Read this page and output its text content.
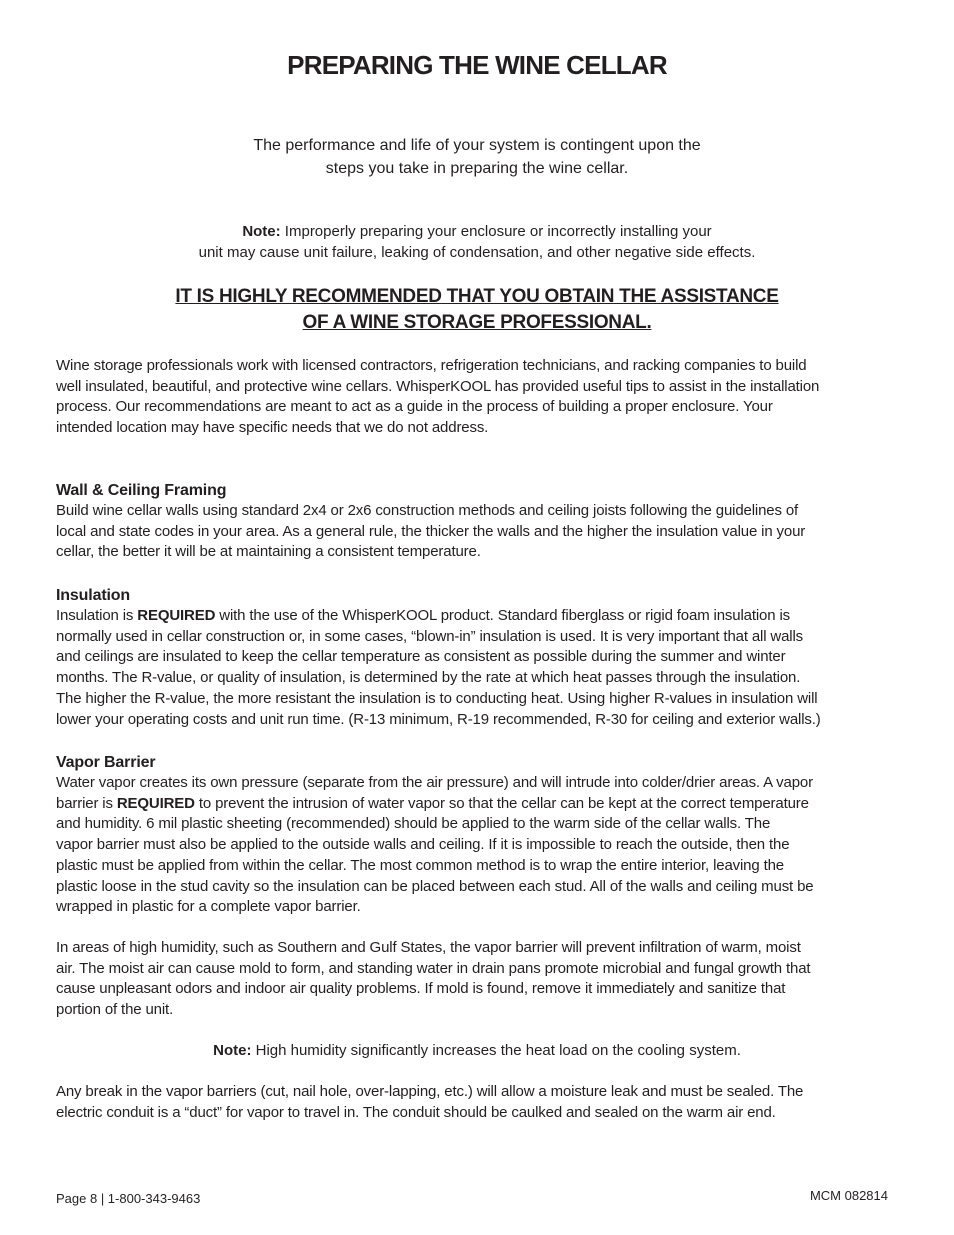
PREPARING THE WINE CELLAR

The performance and life of your system is contingent upon the
steps you take in preparing the wine cellar.

Note: Improperly preparing your enclosure or incorrectly installing your
unit may cause unit failure, leaking of condensation, and other negative side effects.

IT IS HIGHLY RECOMMENDED THAT YOU OBTAIN THE ASSISTANCE
OF A WINE STORAGE PROFESSIONAL.

Wine storage professionals work with licensed contractors, refrigeration technicians, and racking companies to build
well insulated, beautiful, and protective wine cellars. WhisperKOOL has provided useful tips to assist in the installation
process. Our recommendations are meant to act as a guide in the process of building a proper enclosure. Your
intended location may have specific needs that we do not address.
Wall & Ceiling Framing
Build wine cellar walls using standard 2x4 or 2x6 construction methods and ceiling joists following the guidelines of
local and state codes in your area. As a general rule, the thicker the walls and the higher the insulation value in your
cellar, the better it will be at maintaining a consistent temperature.
Insulation
Insulation is REQUIRED with the use of the WhisperKOOL product. Standard fiberglass or rigid foam insulation is
normally used in cellar construction or, in some cases, “blown-in” insulation is used. It is very important that all walls
and ceilings are insulated to keep the cellar temperature as consistent as possible during the summer and winter
months. The R-value, or quality of insulation, is determined by the rate at which heat passes through the insulation.
The higher the R-value, the more resistant the insulation is to conducting heat. Using higher R-values in insulation will
lower your operating costs and unit run time. (R-13 minimum, R-19 recommended, R-30 for ceiling and exterior walls.)
Vapor Barrier
Water vapor creates its own pressure (separate from the air pressure) and will intrude into colder/drier areas. A vapor
barrier is REQUIRED to prevent the intrusion of water vapor so that the cellar can be kept at the correct temperature
and humidity. 6 mil plastic sheeting (recommended) should be applied to the warm side of the cellar walls. The
vapor barrier must also be applied to the outside walls and ceiling. If it is impossible to reach the outside, then the
plastic must be applied from within the cellar. The most common method is to wrap the entire interior, leaving the
plastic loose in the stud cavity so the insulation can be placed between each stud. All of the walls and ceiling must be
wrapped in plastic for a complete vapor barrier.
In areas of high humidity, such as Southern and Gulf States, the vapor barrier will prevent infiltration of warm, moist
air. The moist air can cause mold to form, and standing water in drain pans promote microbial and fungal growth that
cause unpleasant odors and indoor air quality problems. If mold is found, remove it immediately and sanitize that
portion of the unit.

Note: High humidity significantly increases the heat load on the cooling system.

Any break in the vapor barriers (cut, nail hole, over-lapping, etc.) will allow a moisture leak and must be sealed. The
electric conduit is a “duct” for vapor to travel in. The conduit should be caulked and sealed on the warm air end.

Page 8 | 1-800-343-9463	MCM 082814
